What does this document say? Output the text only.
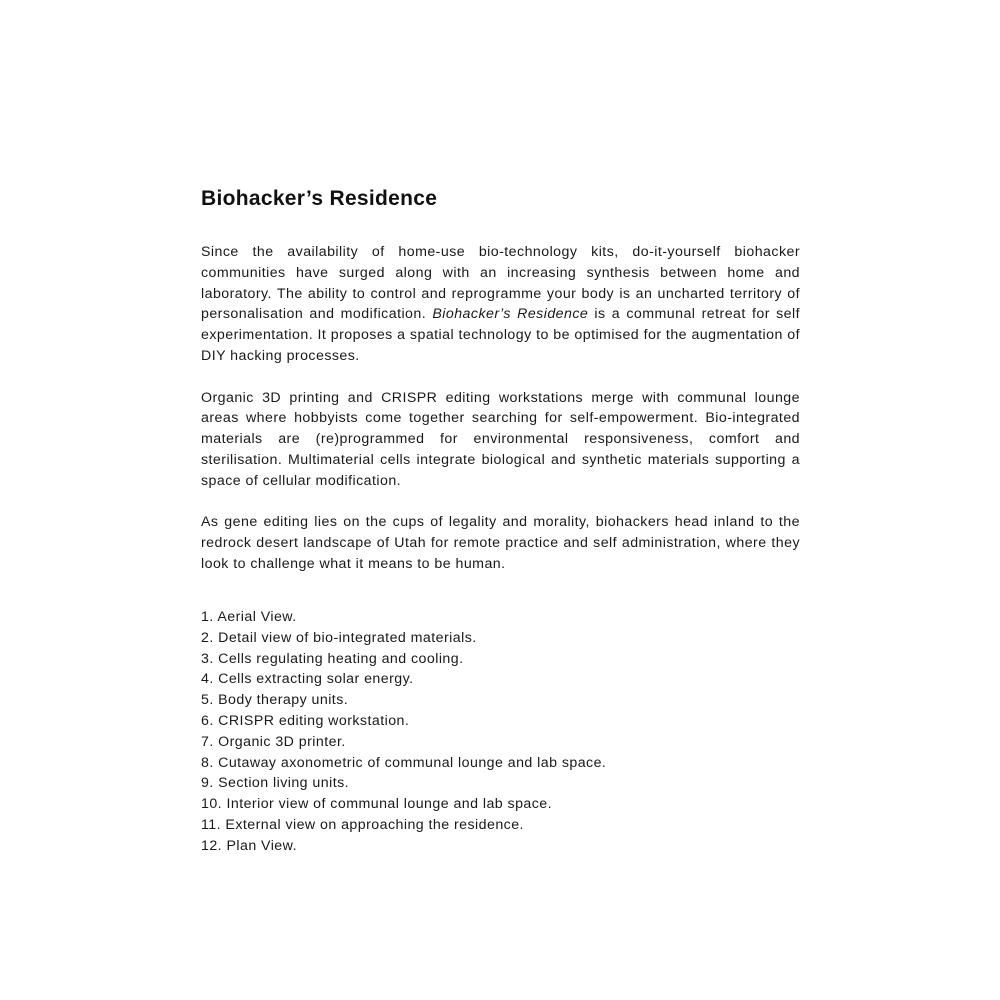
Biohacker’s Residence

Since the availability of home-use bio-technology kits, do-it-yourself biohacker communities have surged along with an increasing synthesis between home and laboratory. The ability to control and reprogramme your body is an uncharted territory of personalisation and modification. Biohacker’s Residence is a communal retreat for self experimentation. It proposes a spatial technology to be optimised for the augmentation of DIY hacking processes.

Organic 3D printing and CRISPR editing workstations merge with communal lounge areas where hobbyists come together searching for self-empowerment. Bio-integrated materials are (re)programmed for environmental responsiveness, comfort and sterilisation. Multimaterial cells integrate biological and synthetic materials supporting a space of cellular modification.

As gene editing lies on the cups of legality and morality, biohackers head inland to the redrock desert landscape of Utah for remote practice and self administration, where they look to challenge what it means to be human.

1. Aerial View.
2. Detail view of bio-integrated materials.
3. Cells regulating heating and cooling.
4. Cells extracting solar energy.
5. Body therapy units.
6. CRISPR editing workstation.
7. Organic 3D printer.
8. Cutaway axonometric of communal lounge and lab space.
9. Section living units.
10. Interior view of communal lounge and lab space.
11. External view on approaching the residence.
12. Plan View.
